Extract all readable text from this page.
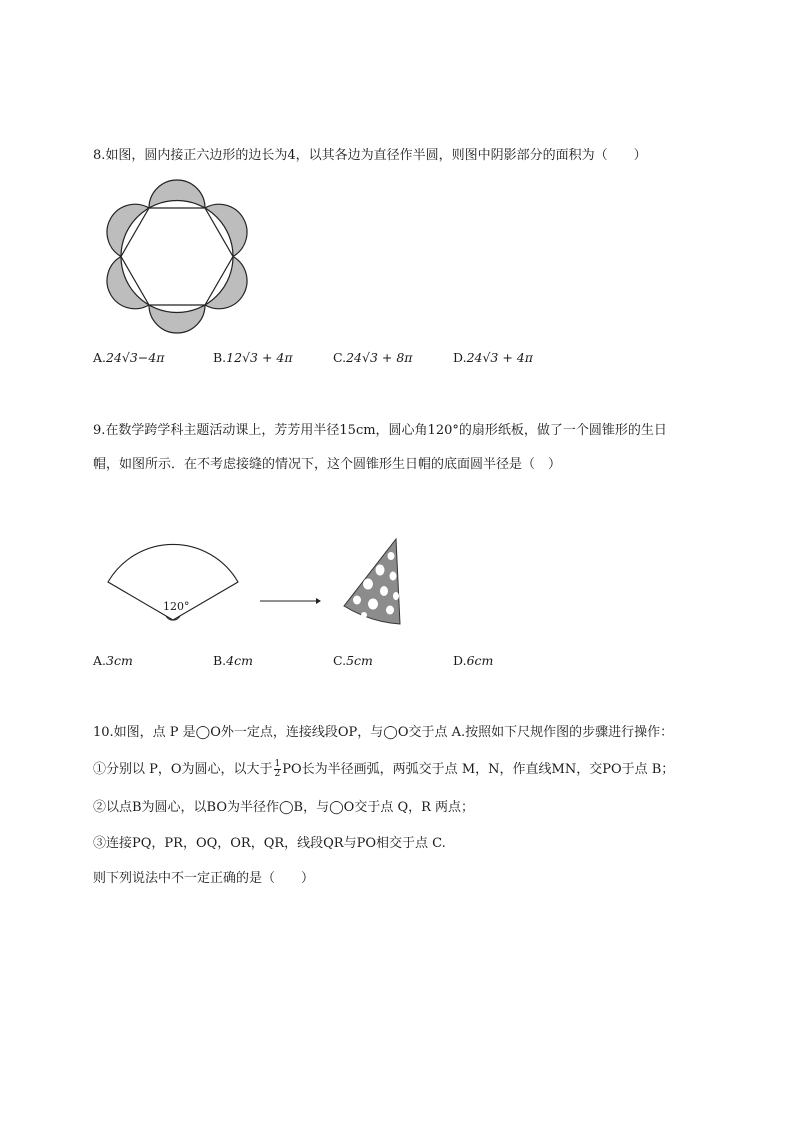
8.如图，圆内接正六边形的边长为4，以其各边为直径作半圆，则图中阴影部分的面积为（　　）
A.24√3−4π	B.12√3 + 4π	C.24√3 + 8π	D.24√3 + 4π
9.在数学跨学科主题活动课上，芳芳用半径15cm，圆心角120°的扇形纸板，做了一个圆锥形的生日
帽，如图所示．在不考虑接缝的情况下，这个圆锥形生日帽的底面圆半径是（　）
120°
A.3cm	B.4cm	C.5cm	D.6cm
10.如图，点 P 是◯O外一定点，连接线段OP，与◯O交于点 A.按照如下尺规作图的步骤进行操作：
①分别以 P，O为圆心，以大于 $\frac{1}{2}$ PO长为半径画弧，两弧交于点 M，N，作直线MN，交PO于点 B；
②以点B为圆心，以BO为半径作◯B，与◯O交于点 Q，R 两点；
③连接PQ，PR，OQ，OR，QR，线段QR与PO相交于点 C.
则下列说法中不一定正确的是（　　）
